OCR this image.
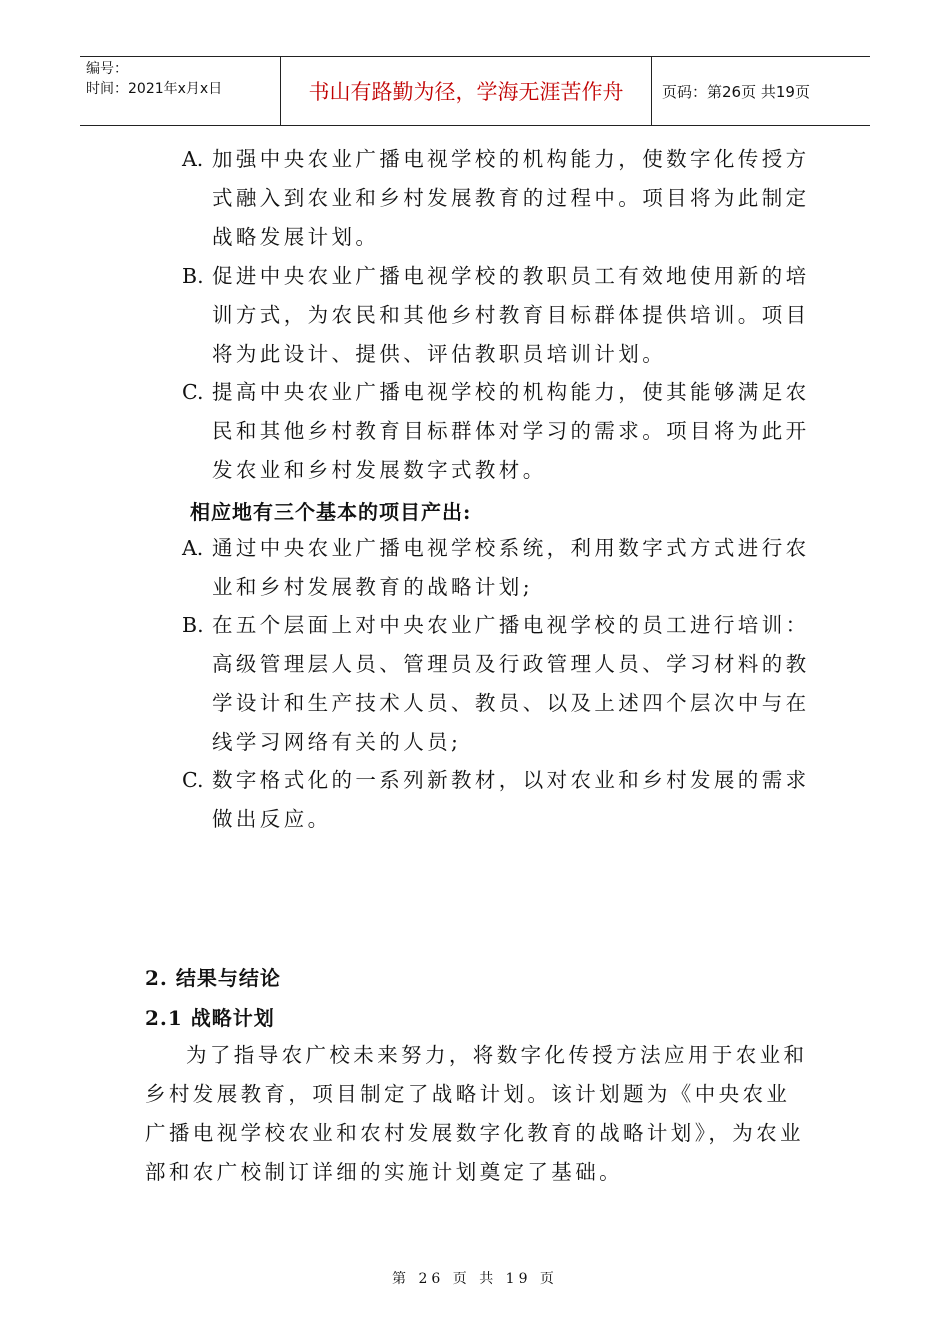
编号：
时间：2021年x月x日	书山有路勤为径，学海无涯苦作舟	页码：第26页 共19页
A. 加强中央农业广播电视学校的机构能力，使数字化传授方式融入到农业和乡村发展教育的过程中。项目将为此制定战略发展计划。
B. 促进中央农业广播电视学校的教职员工有效地使用新的培训方式，为农民和其他乡村教育目标群体提供培训。项目将为此设计、提供、评估教职员培训计划。
C. 提高中央农业广播电视学校的机构能力，使其能够满足农民和其他乡村教育目标群体对学习的需求。项目将为此开发农业和乡村发展数字式教材。
相应地有三个基本的项目产出:
A. 通过中央农业广播电视学校系统，利用数字式方式进行农业和乡村发展教育的战略计划;
B. 在五个层面上对中央农业广播电视学校的员工进行培训：高级管理层人员、管理员及行政管理人员、学习材料的教学设计和生产技术人员、教员、以及上述四个层次中与在线学习网络有关的人员;
C. 数字格式化的一系列新教材，以对农业和乡村发展的需求做出反应。
2. 结果与结论
2.1 战略计划
为了指导农广校未来努力，将数字化传授方法应用于农业和乡村发展教育，项目制定了战略计划。该计划题为《中央农业广播电视学校农业和农村发展数字化教育的战略计划》，为农业部和农广校制订详细的实施计划奠定了基础。
第 26 页 共 19 页
